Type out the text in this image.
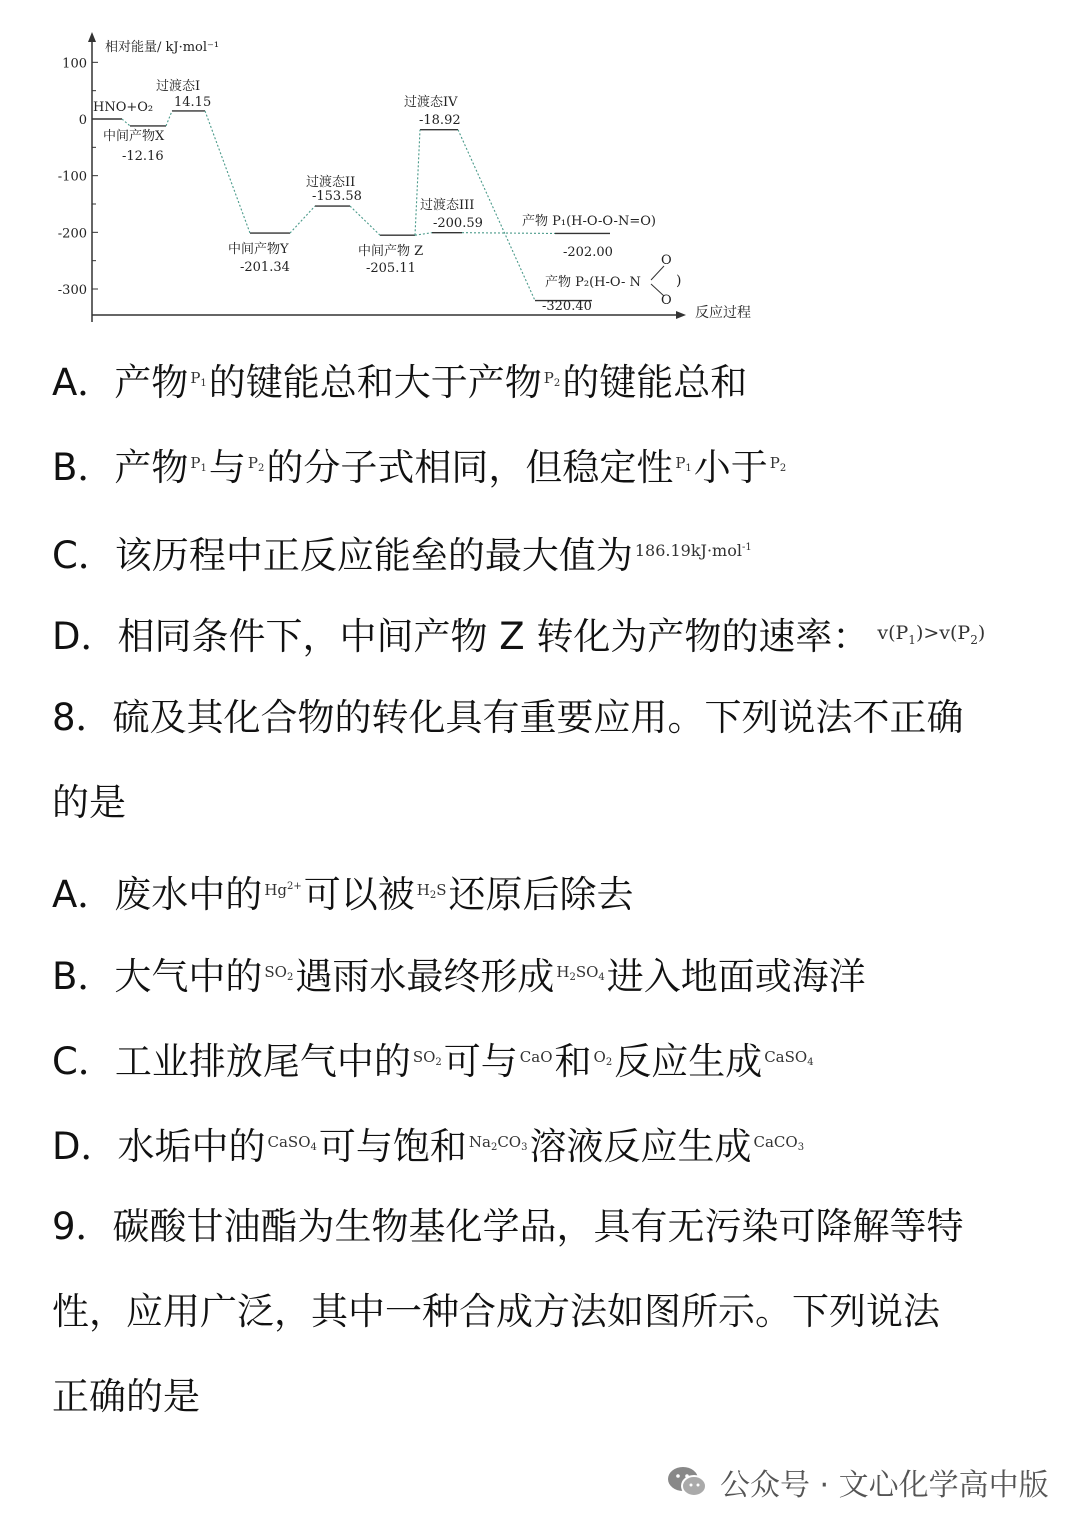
相对能量/ kJ·mol⁻¹
反应过程
100
0
-100
-200
-300
HNO+O₂
中间产物X
-12.16
过渡态I
14.15
中间产物Y
-201.34
过渡态II
-153.58
中间产物 Z
-205.11
过渡态IV
-18.92
过渡态III
-200.59	产物 P₁(H-O-O-N=O)
-202.00
产物 P₂(H-O- N
-320.40
O
O
)
A．产物 $^{P_1}$的键能总和大于产物 $^{P_2}$的键能总和
B．产物 $^{P_1}$与 $^{P_2}$的分子式相同，但稳定性 $^{P_1}$小于 $^{P_2}$
C．该历程中正反应能垒的最大值为 $^{186.19kJ\cdot mol^{-1}}$
D．相同条件下，中间产物 Z 转化为产物的速率： $^{v(P_1)>v(P_2)}$
8．硫及其化合物的转化具有重要应用。下列说法不正确
的是
A．废水中的 $^{Hg^{2+}}$可以被 $^{H_2S}$还原后除去
B．大气中的 $^{SO_2}$遇雨水最终形成 $^{H_2SO_4}$进入地面或海洋
C．工业排放尾气中的 $^{SO_2}$可与 $^{CaO}$和 $^{O_2}$反应生成 $^{CaSO_4}$
D．水垢中的 $^{CaSO_4}$可与饱和 $^{Na_2CO_3}$溶液反应生成 $^{CaCO_3}$
9．碳酸甘油酯为生物基化学品，具有无污染可降解等特
性，应用广泛，其中一种合成方法如图所示。下列说法
正确的是
公众号 · 文心化学高中版
